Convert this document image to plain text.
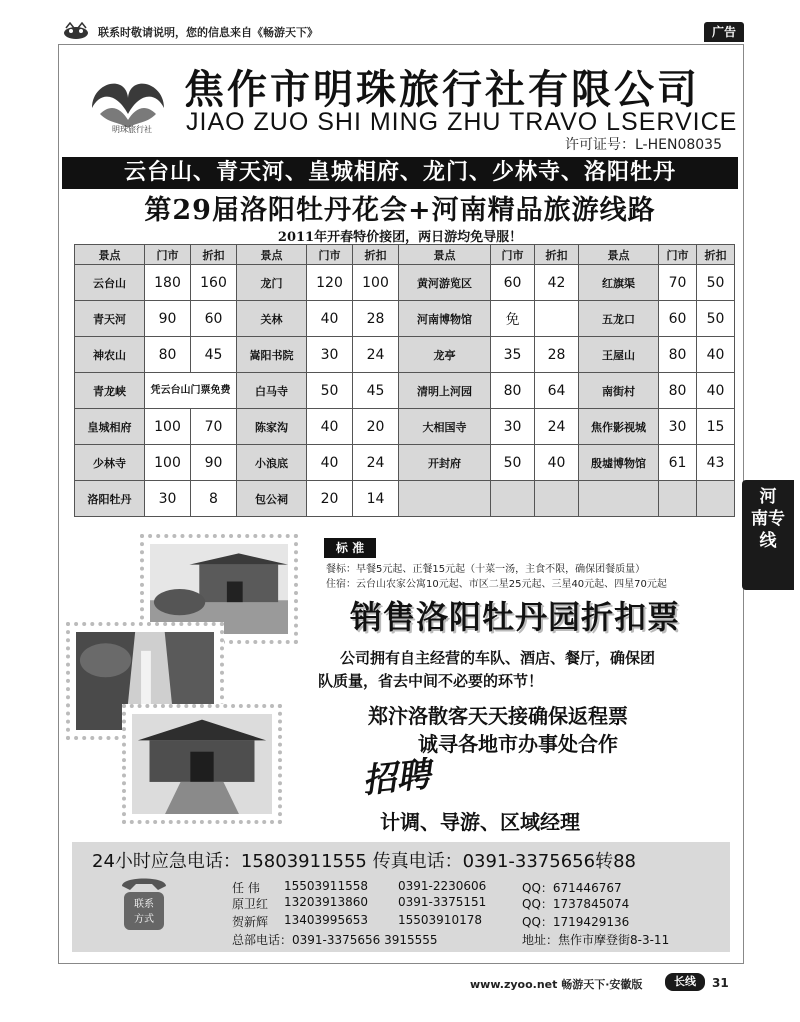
联系时敬请说明，您的信息来自《畅游天下》	广告
明珠旅行社
焦作市明珠旅行社有限公司
JIAO ZUO SHI MING ZHU TRAVO LSERVICE
许可证号：L-HEN08035
云台山、青天河、皇城相府、龙门、少林寺、洛阳牡丹
第29届洛阳牡丹花会+河南精品旅游线路
2011年开春特价接团，两日游均免导服！
景点	门市	折扣	景点	门市	折扣	景点	门市	折扣	景点	门市	折扣
云台山	180	160	龙门	120	100	黄河游览区	60	42	红旗渠	70	50
青天河	90	60	关林	40	28	河南博物馆	免		五龙口	60	50
神农山	80	45	嵩阳书院	30	24	龙亭	35	28	王屋山	80	40
青龙峡	凭云台山门票免费		白马寺	50	45	清明上河园	80	64	南街村	80	40
皇城相府	100	70	陈家沟	40	20	大相国寺	30	24	焦作影视城	30	15
少林寺	100	90	小浪底	40	24	开封府	50	40	殷墟博物馆	61	43
洛阳牡丹	30	8	包公祠	20	14							河
南专
线
标 准
餐标：早餐5元起、正餐15元起（十菜一汤，主食不限，确保团餐质量）
住宿：云台山农家公寓10元起、市区二星25元起、三星40元起、四星70元起
销售洛阳牡丹园折扣票
公司拥有自主经营的车队、酒店、餐厅，确保团
队质量，省去中间不必要的环节！
郑汴洛散客天天接确保返程票
诚寻各地市办事处合作
招聘
计调、导游、区域经理
24小时应急电话：15803911555 传真电话：0391-3375656转88
联系
方式
任 伟 15503911558	0391-2230606	QQ：671446767
原卫红 13203913860	0391-3375151	QQ：1737845074
贺新辉 13403995653	15503910178	QQ：1719429136
总部电话：0391-3375656 3915555	地址：焦作市摩登街8-3-11
www.zyoo.net 畅游天下·安徽版	长线	31
